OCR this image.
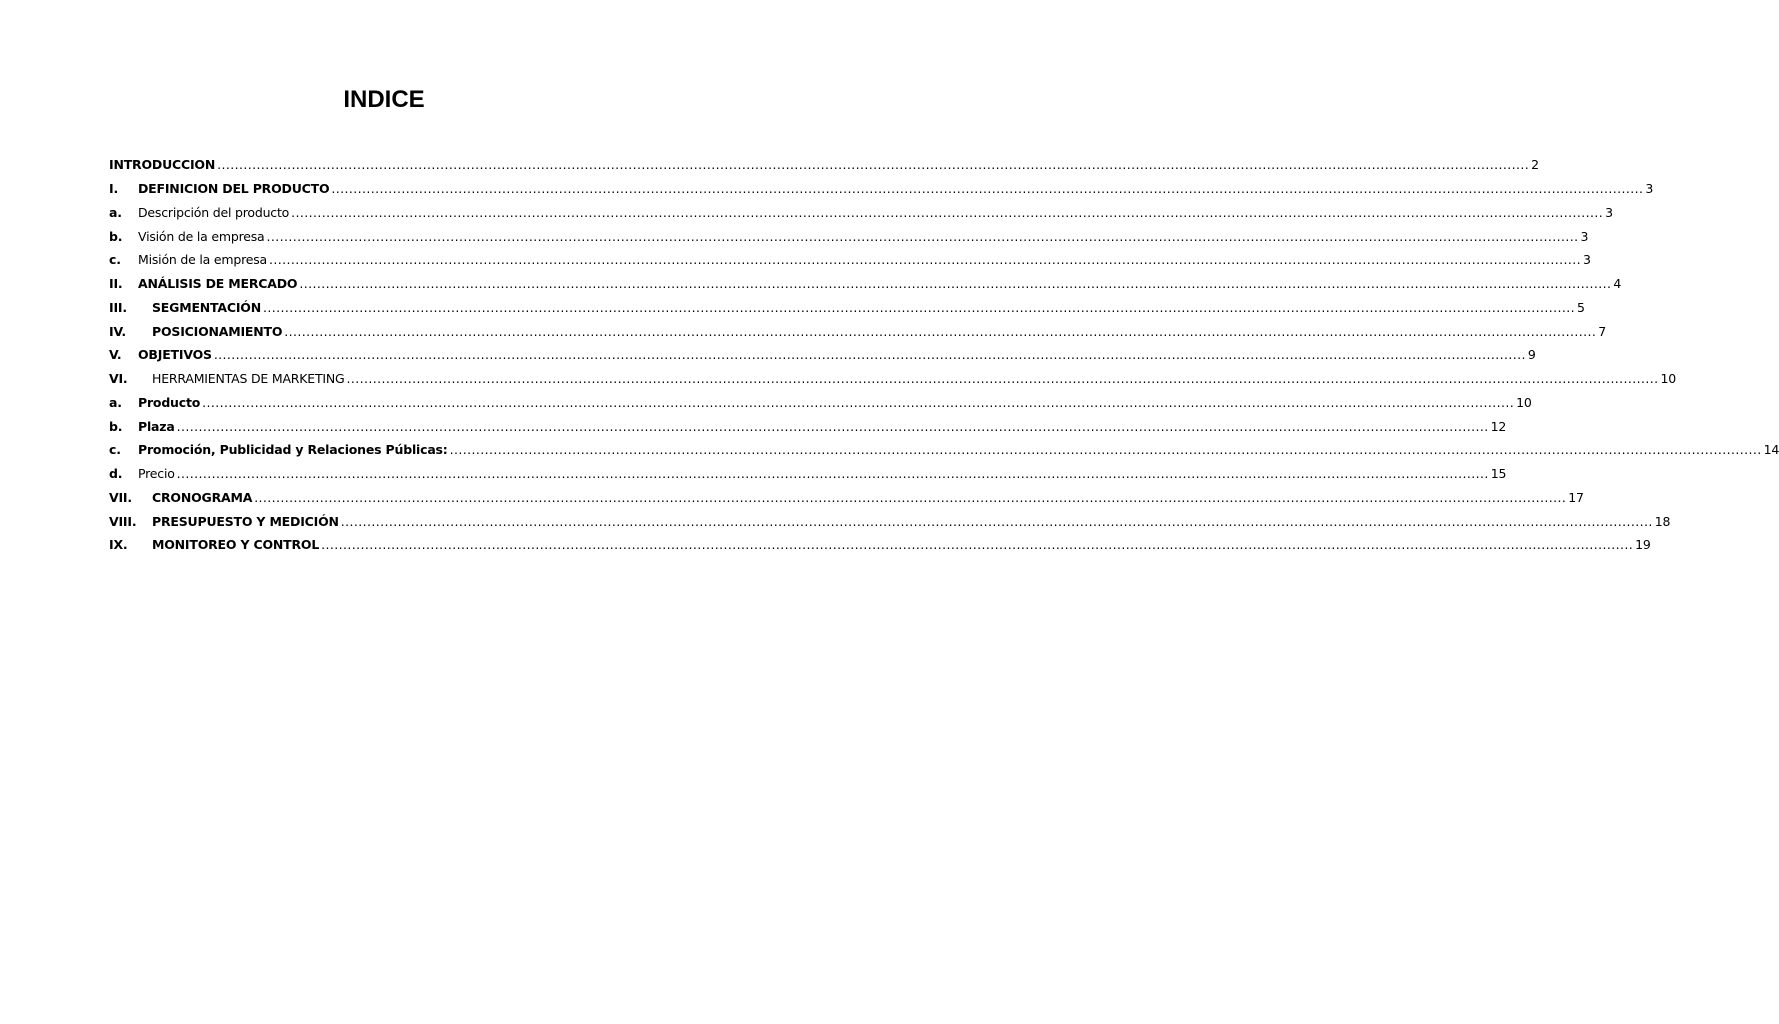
INDICE
INTRODUCCION ............................................................................................................................................................................................................................................................................................................ 2
I.	DEFINICION DEL PRODUCTO ............................................................................................................................................................................................................................................................................................................ 3
a.	Descripción del producto ............................................................................................................................................................................................................................................................................................................ 3
b.	Visión de la empresa ............................................................................................................................................................................................................................................................................................................ 3
c.	Misión de la empresa ............................................................................................................................................................................................................................................................................................................ 3
II.	ANÁLISIS DE MERCADO ............................................................................................................................................................................................................................................................................................................ 4
III.	SEGMENTACIÓN ............................................................................................................................................................................................................................................................................................................ 5
IV.	POSICIONAMIENTO ............................................................................................................................................................................................................................................................................................................ 7
V.	OBJETIVOS ............................................................................................................................................................................................................................................................................................................ 9
VI.	HERRAMIENTAS DE MARKETING ............................................................................................................................................................................................................................................................................................................ 10
a.	Producto ............................................................................................................................................................................................................................................................................................................ 10
b.	Plaza ............................................................................................................................................................................................................................................................................................................ 12
c.	Promoción, Publicidad y Relaciones Públicas: ............................................................................................................................................................................................................................................................................................................ 14
d.	Precio ............................................................................................................................................................................................................................................................................................................ 15
VII.	CRONOGRAMA ............................................................................................................................................................................................................................................................................................................ 17
VIII.	PRESUPUESTO Y MEDICIÓN ............................................................................................................................................................................................................................................................................................................ 18
IX.	MONITOREO Y CONTROL ............................................................................................................................................................................................................................................................................................................ 19
